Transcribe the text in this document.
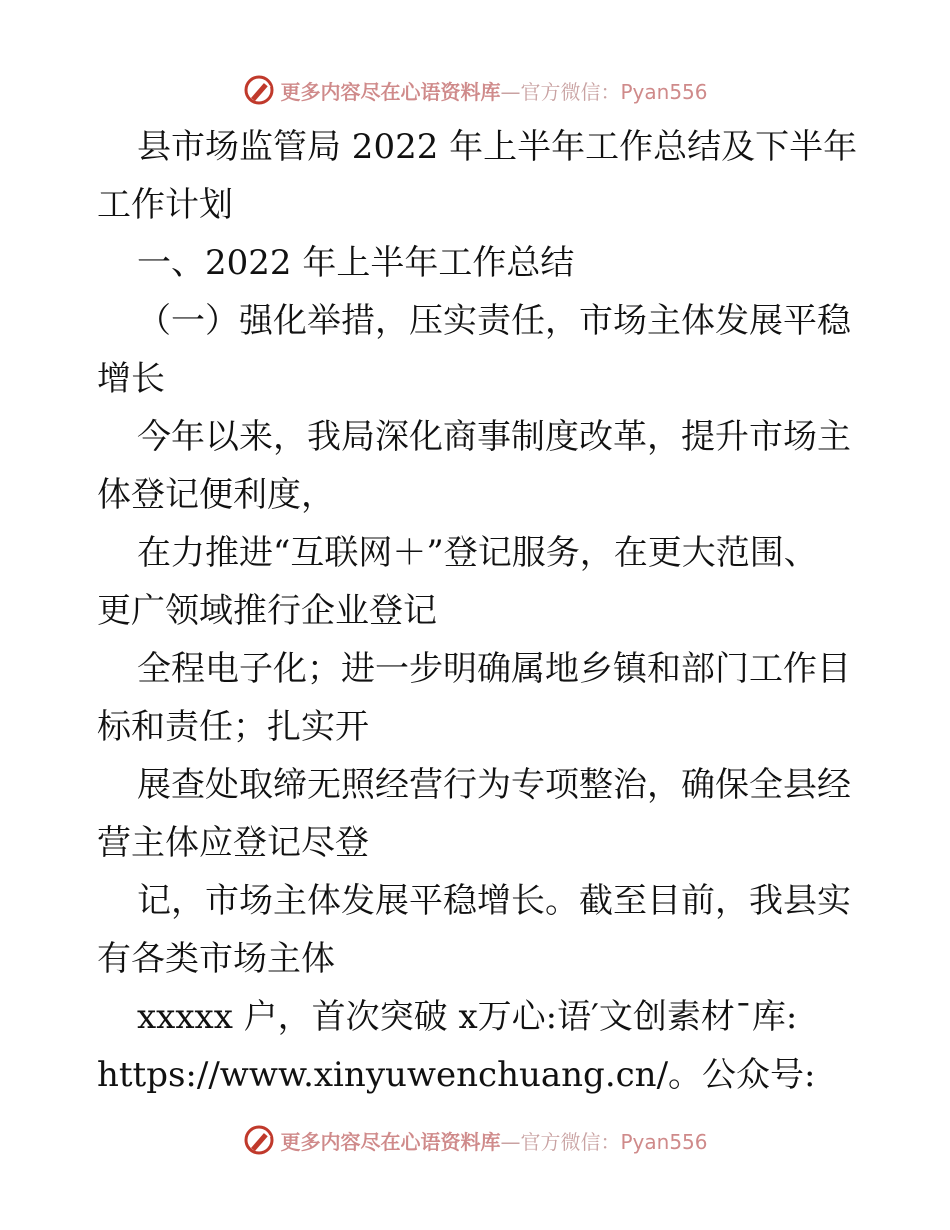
更多内容尽在心语资料库—官方微信：Pyan556
县市场监管局 2022 年上半年工作总结及下半年
工作计划
一、2022 年上半年工作总结
（一）强化举措，压实责任，市场主体发展平稳
增长
今年以来，我局深化商事制度改革，提升市场主
体登记便利度，
在力推进“互联网＋”登记服务，在更大范围、
更广领域推行企业登记
全程电子化；进一步明确属地乡镇和部门工作目
标和责任；扎实开
展查处取缔无照经营行为专项整治，确保全县经
营主体应登记尽登
记，市场主体发展平稳增长。截至目前，我县实
有各类市场主体
xxxxx 户，首次突破 x万心:语′文创素材¯库:
https://www.xinyuwenchuang.cn/。公众号:
更多内容尽在心语资料库—官方微信：Pyan556
